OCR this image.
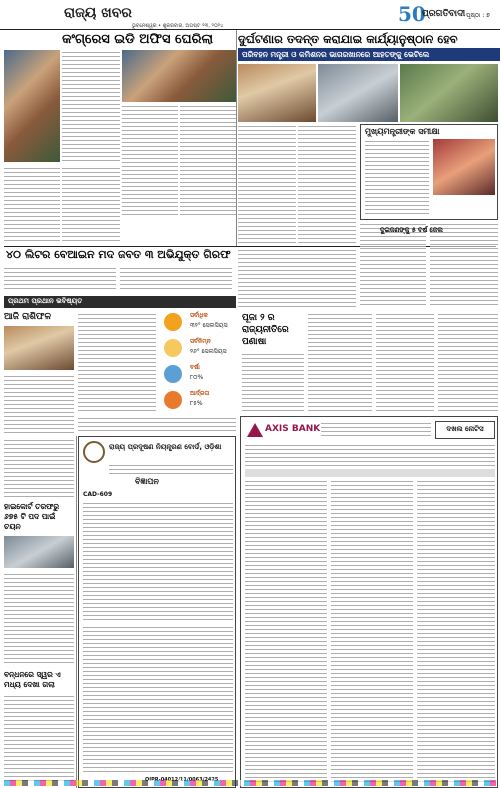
ରାଜ୍ୟ ଖବର
ଭୁବନେଶ୍ୱର • ଶୁକ୍ରବାର, ଅଗଷ୍ଟ ୨୩, ୨୦୨୪	50
ପ୍ରଗତିବାଦୀ ପୃଷ୍ଠା : ୭
କଂଗ୍ରେସ ଇଡି ଅଫିସ ଘେରିଲା ଦୁର୍ଘଟଣାର ତଦନ୍ତ କରାଯାଇ କାର୍ଯ୍ୟାନୁଷ୍ଠାନ ହେବ
ପରିବହନ ମନ୍ତ୍ରୀ ଓ କମିଶନର ଭାଗରଖାନରେ ଆହତଙ୍କୁ ଭେଟିଲେ
ମୁଖ୍ୟମନ୍ତ୍ରୀଙ୍କ ସମୀକ୍ଷା
୪୦ ଲିଟର ବେଆଇନ ମଦ ଜବତ ୩ ଅଭିଯୁକ୍ତ ଗିରଫ
ଦୁଇଜଣଙ୍କୁ ୫ ବର୍ଷ ଜେଲ
ପ୍ରଥମ ପ୍ରଥାନ ଭବିଷ୍ୟତ
ଆଜି ରାଶିଫଳ	ସର୍ବାଧିକ
୩୨° ସେଲସିୟସ
ସର୍ବନିମ୍ନ
୨୬° ସେଲସିୟସ
ବର୍ଷା
୮୦%
ଆର୍ଦ୍ରତା
୮୫%
ପୂଜା ୨ ର ରାଜ୍ୟନୀତିରେ ପଣାଷା
ହାଇକୋର୍ଟ ତରଫରୁ ୬୭୫ ଟି ପଦ ପାଇଁ ଚୟନ
ବନ୍ଧନରେ ସ୍ୱର ଏ ମଧ୍ୟ ଦେଖା ଗଲା
AXIS BANK	ଦଖଲ ନୋଟିସ
ରାଜ୍ୟ ପ୍ରଦୂଷଣ ନିୟନ୍ତ୍ରଣ ବୋର୍ଡ, ଓଡ଼ିଶା
ବିଜ୍ଞାପନ
CAD-609
